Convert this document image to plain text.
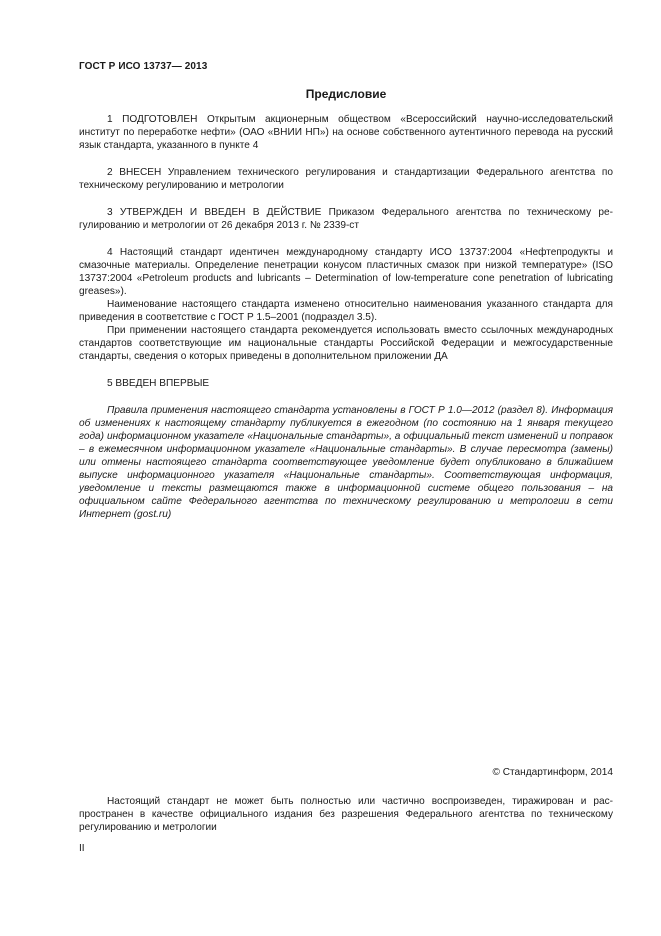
ГОСТ Р ИСО 13737— 2013
Предисловие

1 ПОДГОТОВЛЕН Открытым акционерным обществом «Всероссийский научно-исследовательский институт по переработке нефти» (ОАО «ВНИИ НП») на основе собственного аутентичного перевода на русский язык стандарта, указанного в пункте 4

2 ВНЕСЕН Управлением технического регулирования и стандартизации Федерального агентства по техническому регулированию и метрологии

3 УТВЕРЖДЕН И ВВЕДЕН В ДЕЙСТВИЕ Приказом Федерального агентства по техническому регулированию и метрологии от 26 декабря 2013 г. № 2339-ст

4 Настоящий стандарт идентичен международному стандарту ИСО 13737:2004 «Нефтепродукты и смазочные материалы. Определение пенетрации конусом пластичных смазок при низкой температуре» (ISO 13737:2004 «Petroleum products and lubricants – Determination of low-temperature cone penetration of lubricating greases»).

Наименование настоящего стандарта изменено относительно наименования указанного стандарта для приведения в соответствие с ГОСТ Р 1.5–2001 (подраздел 3.5).

При применении настоящего стандарта рекомендуется использовать вместо ссылочных международных стандартов соответствующие им национальные стандарты Российской Федерации и межгосударственные стандарты, сведения о которых приведены в дополнительном приложении ДА

5 ВВЕДЕН ВПЕРВЫЕ

Правила применения настоящего стандарта установлены в ГОСТ Р 1.0—2012 (раздел 8). Информация об изменениях к настоящему стандарту публикуется в ежегодном (по состоянию на 1 января текущего года) информационном указателе «Национальные стандарты», а официальный текст изменений и поправок – в ежемесячном информационном указателе «Национальные стандарты». В случае пересмотра (замены) или отмены настоящего стандарта соответствующее уведомление будет опубликовано в ближайшем выпуске информационного указателя «Национальные стандарты». Соответствующая информация, уведомление и тексты размещаются также в информационной системе общего пользования – на официальном сайте Федерального агентства по техническому регулированию и метрологии в сети Интернет (gost.ru)

© Стандартинформ, 2014

Настоящий стандарт не может быть полностью или частично воспроизведен, тиражирован и распространен в качестве официального издания без разрешения Федерального агентства по техническому регулированию и метрологии

II
